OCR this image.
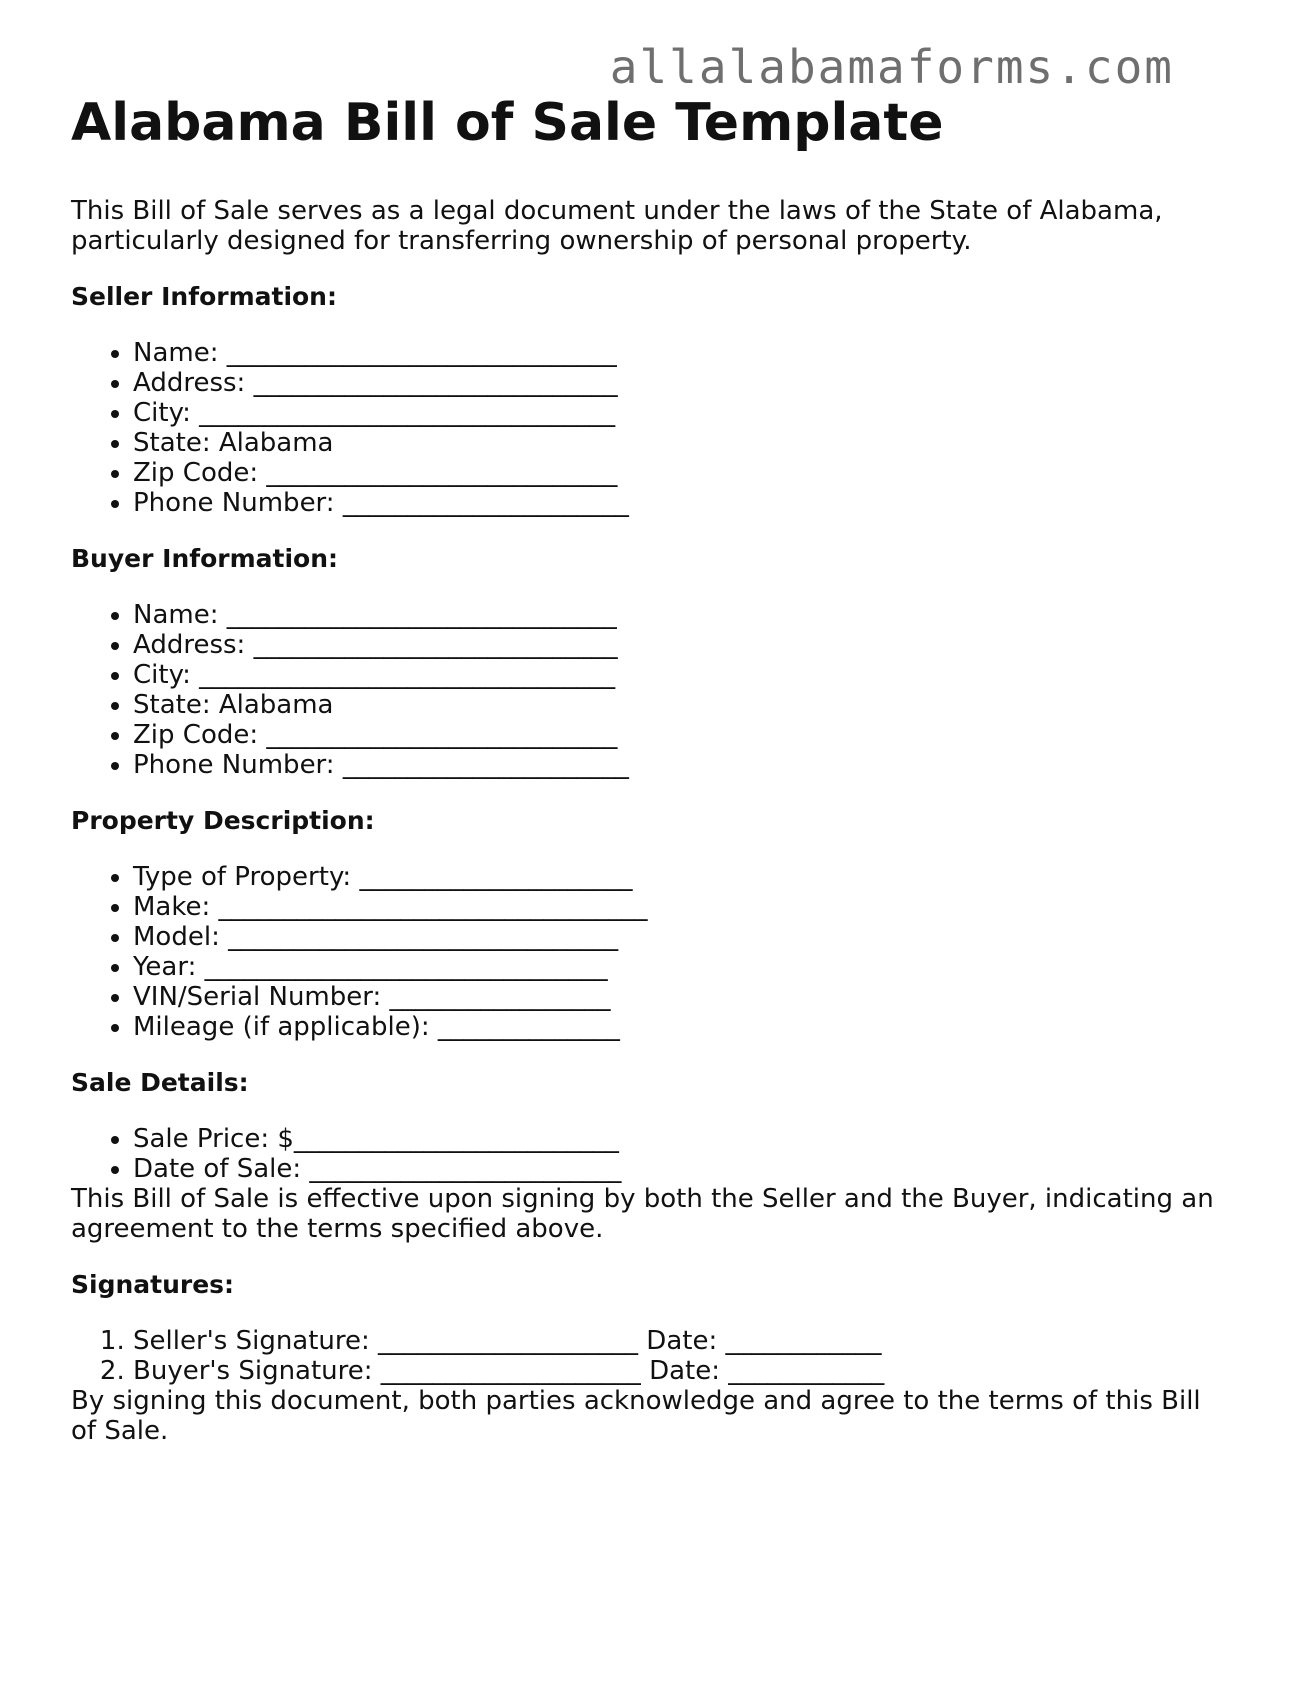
allalabamaforms.com
Alabama Bill of Sale Template

This Bill of Sale serves as a legal document under the laws of the State of Alabama, particularly designed for transferring ownership of personal property.

Seller Information:
• Name: ______________________________
• Address: ____________________________
• City: ________________________________
• State: Alabama
• Zip Code: ___________________________
• Phone Number: ______________________
Buyer Information:
• Name: ______________________________
• Address: ____________________________
• City: ________________________________
• State: Alabama
• Zip Code: ___________________________
• Phone Number: ______________________
Property Description:
• Type of Property: _____________________
• Make: _________________________________
• Model: ______________________________
• Year: _______________________________
• VIN/Serial Number: _________________
• Mileage (if applicable): ______________
Sale Details:
• Sale Price: $_________________________
• Date of Sale: ________________________

This Bill of Sale is effective upon signing by both the Seller and the Buyer, indicating an agreement to the terms specified above.

Signatures:
1. Seller's Signature: ____________________ Date: ____________
2. Buyer's Signature: ____________________ Date: ____________

By signing this document, both parties acknowledge and agree to the terms of this Bill of Sale.
